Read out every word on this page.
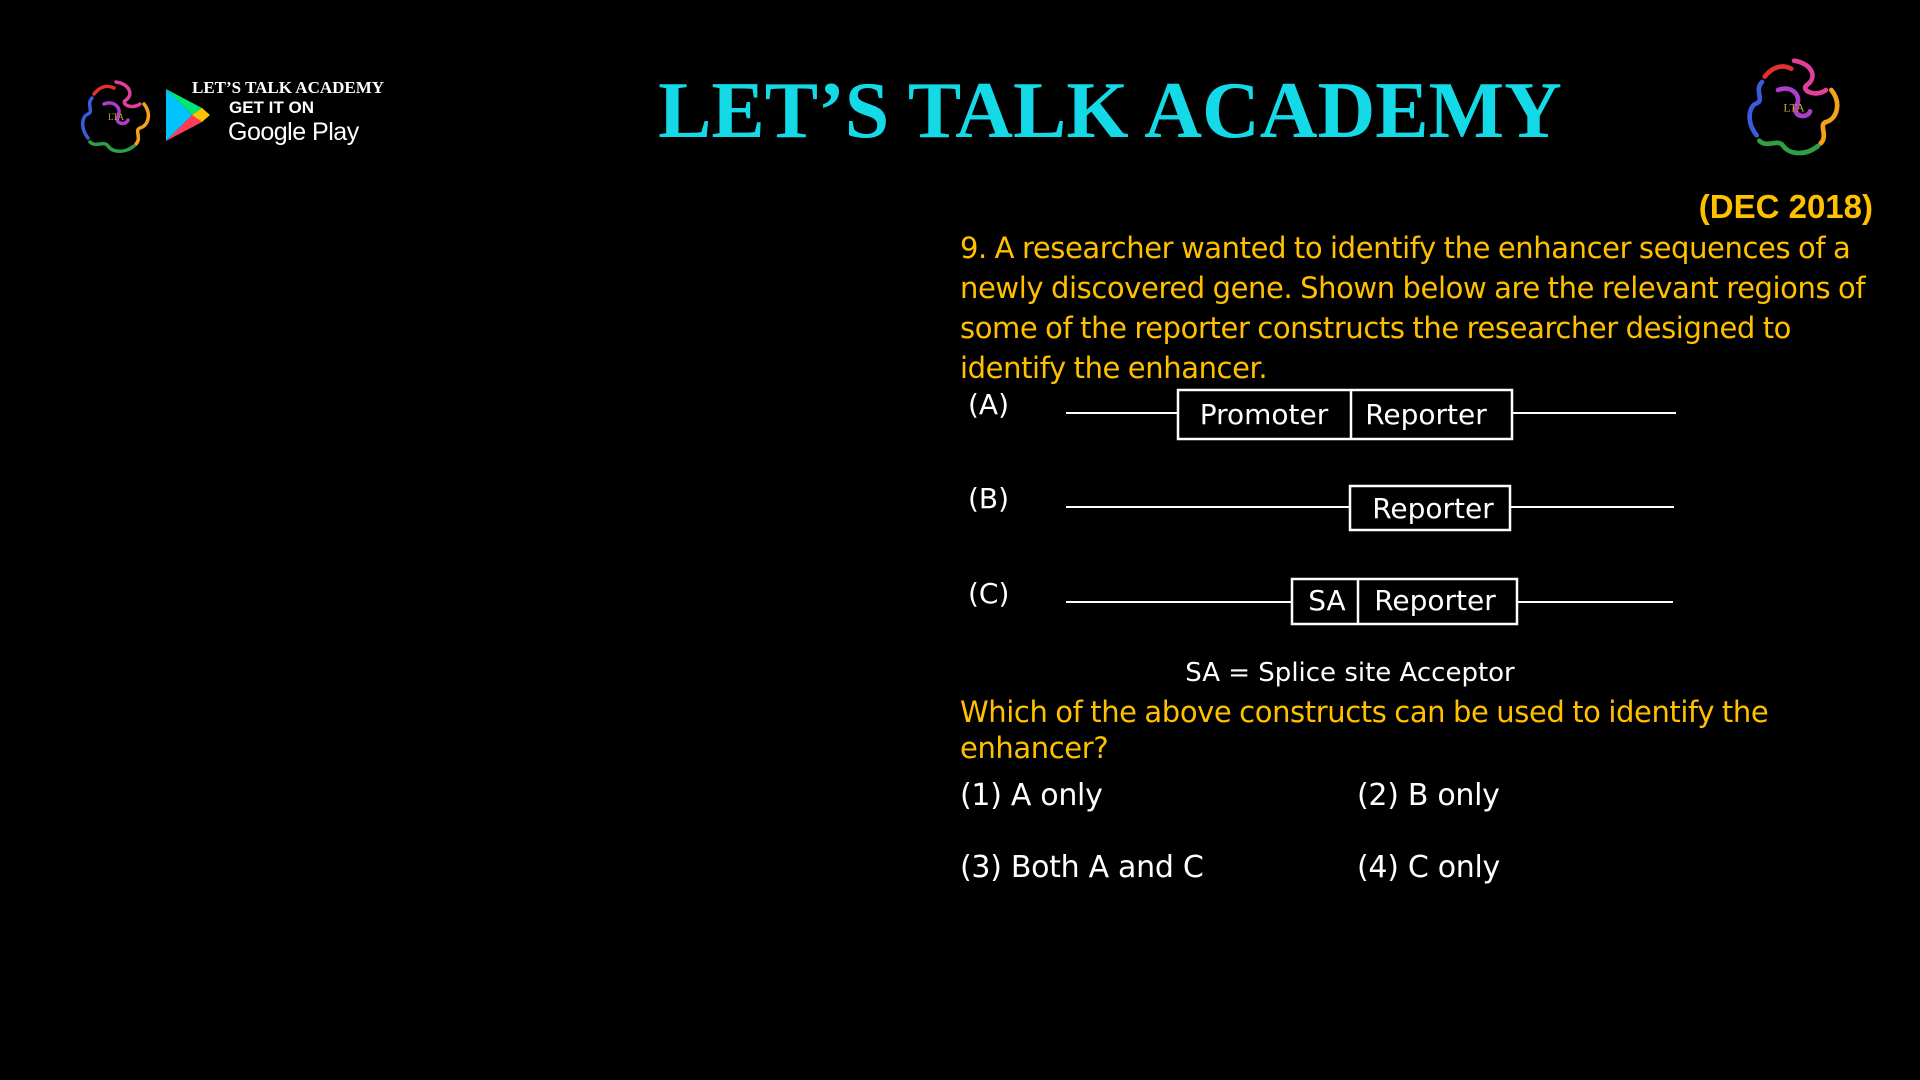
LTA
LET’S TALK ACADEMY
GET IT ON
Google Play	LET’S TALK ACADEMY	LTA
(DEC 2018)
9. A researcher wanted to identify the enhancer sequences of a newly discovered gene. Shown below are the relevant regions of some of the reporter constructs the researcher designed to identify the enhancer.
(A)	Promoter Reporter
(B)	Reporter
(C)	SA Reporter
SA = Splice site Acceptor
Which of the above constructs can be used to identify the enhancer?
(1) A only	(2) B only
(3) Both A and C	(4) C only
